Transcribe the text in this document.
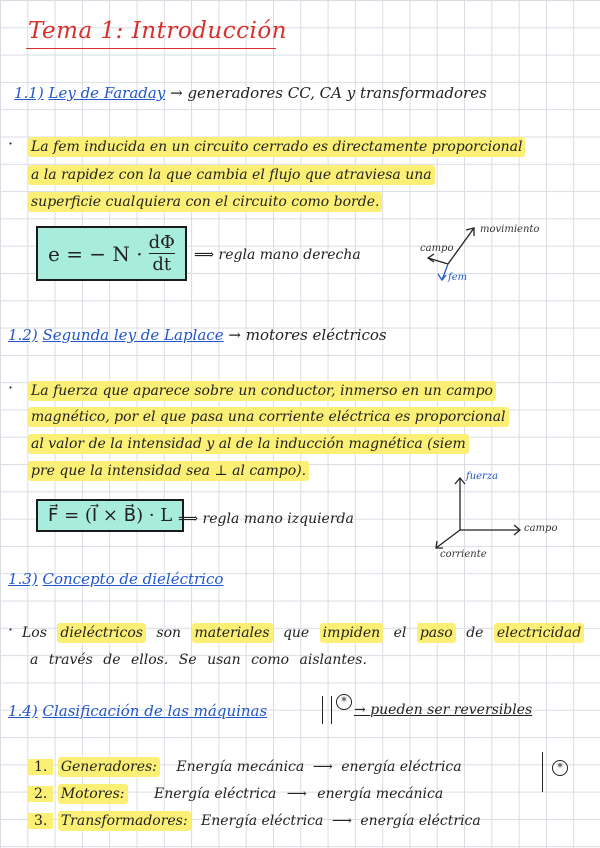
Tema 1: Introducción
1.1) Ley de Faraday → generadores CC, CA y transformadores
· La fem inducida en un circuito cerrado es directamente proporcional
a la rapidez con la que cambia el flujo que atraviesa una
superficie cualquiera con el circuito como borde.
e = − $N \cdot \frac{d\Phi}{dt}$ ⟹ regla mano derecha
movimiento
campo
fem
1.2) Segunda ley de Laplace → motores eléctricos
· La fuerza que aparece sobre un conductor, inmerso en un campo
magnético, por el que pasa una corriente eléctrica es proporcional
al valor de la intensidad y al de la inducción magnética (siem
pre que la intensidad sea ⊥ al campo).
F⃗ = (I⃗ × B⃗) · L ⟹ regla mano izquierda
fuerza
campo
corriente
1.3) Concepto de dieléctrico
· Los dieléctricos son materiales que impiden el paso de electricidad
a través de ellos. Se usan como aislantes.
1.4) Clasificación de las máquinas
*
→ pueden ser reversibles
1. Generadores: Energía mecánica ⟶ energía eléctrica
2. Motores: Energía eléctrica ⟶ energía mecánica
3. Transformadores: Energía eléctrica ⟶ energía eléctrica
*
